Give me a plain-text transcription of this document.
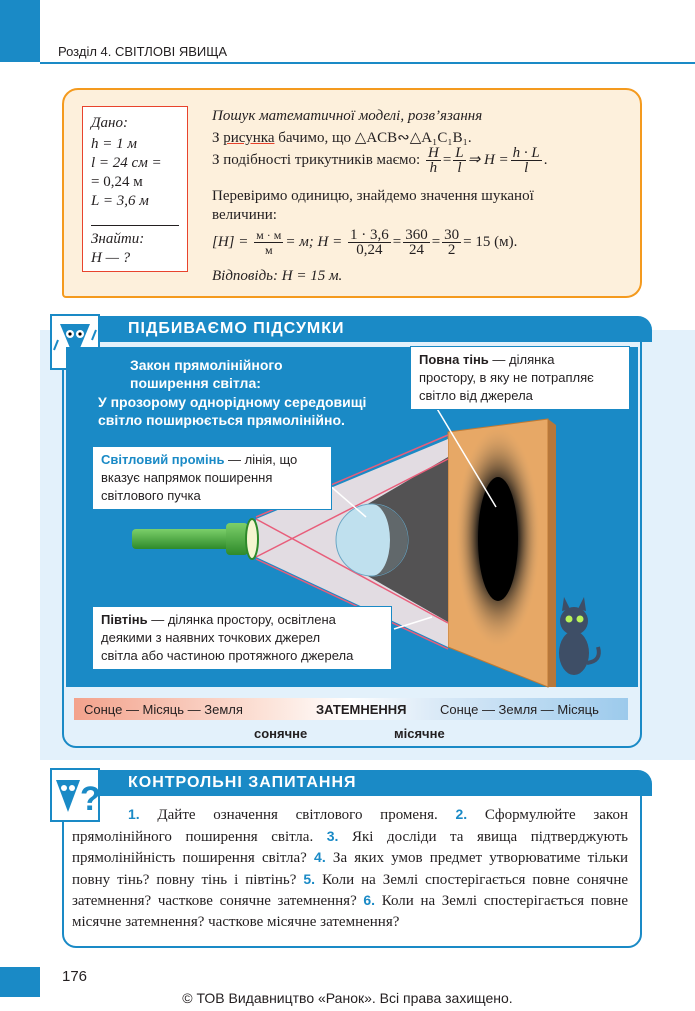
Розділ 4. СВІТЛОВІ ЯВИЩА
Дано:
h = 1 м
l = 24 см =
= 0,24 м
L = 3,6 м
Знайти:
H — ?
Пошук математичної моделі, розв’язання
З рисунка бачимо, що △ACB∾△A₁C₁B₁.
З подібності трикутників маємо: $\frac{H}{h} = \frac{L}{l}$ ⇒ $H = \frac{h \cdot L}{l}$ .
Перевіримо одиницю, знайдемо значення шуканої
величини:
$[H] = \frac{м \cdot м}{м} = м$; $H = \frac{1 \cdot 3,6}{0,24} = \frac{360}{24} = \frac{30}{2} = 15$ (м).
Відповідь: H = 15 м.
ПІДБИВАЄМО ПІДСУМКИ
Закон прямолінійного
поширення світла:
У прозорому однорідному середовищі
світло поширюється прямолінійно.
Повна тінь — ділянка
простору, в яку не потрапляє
світло від джерела
Світловий промінь — лінія, що
вказує напрямок поширення
світлового пучка
Півтінь — ділянка простору, освітлена
деякими з наявних точкових джерел
світла або частиною протяжного джерела
Сонце — Місяць — Земля	ЗАТЕМНЕННЯ	Сонце — Земля — Місяць
сонячне	місячне
КОНТРОЛЬНІ ЗАПИТАННЯ
?	1. Дайте означення світлового променя. 2. Сформулюйте закон прямолінійного поширення світла. 3. Які досліди та явища підтверджують прямолінійність поширення світла? 4. За яких умов предмет утворюватиме тільки повну тінь? повну тінь і півтінь? 5. Коли на Землі спостерігається повне сонячне затемнення? часткове сонячне затемнення? 6. Коли на Землі спостерігається повне місячне затемнення? часткове місячне затемнення?
176
© ТОВ Видавництво «Ранок». Всі права захищено.
